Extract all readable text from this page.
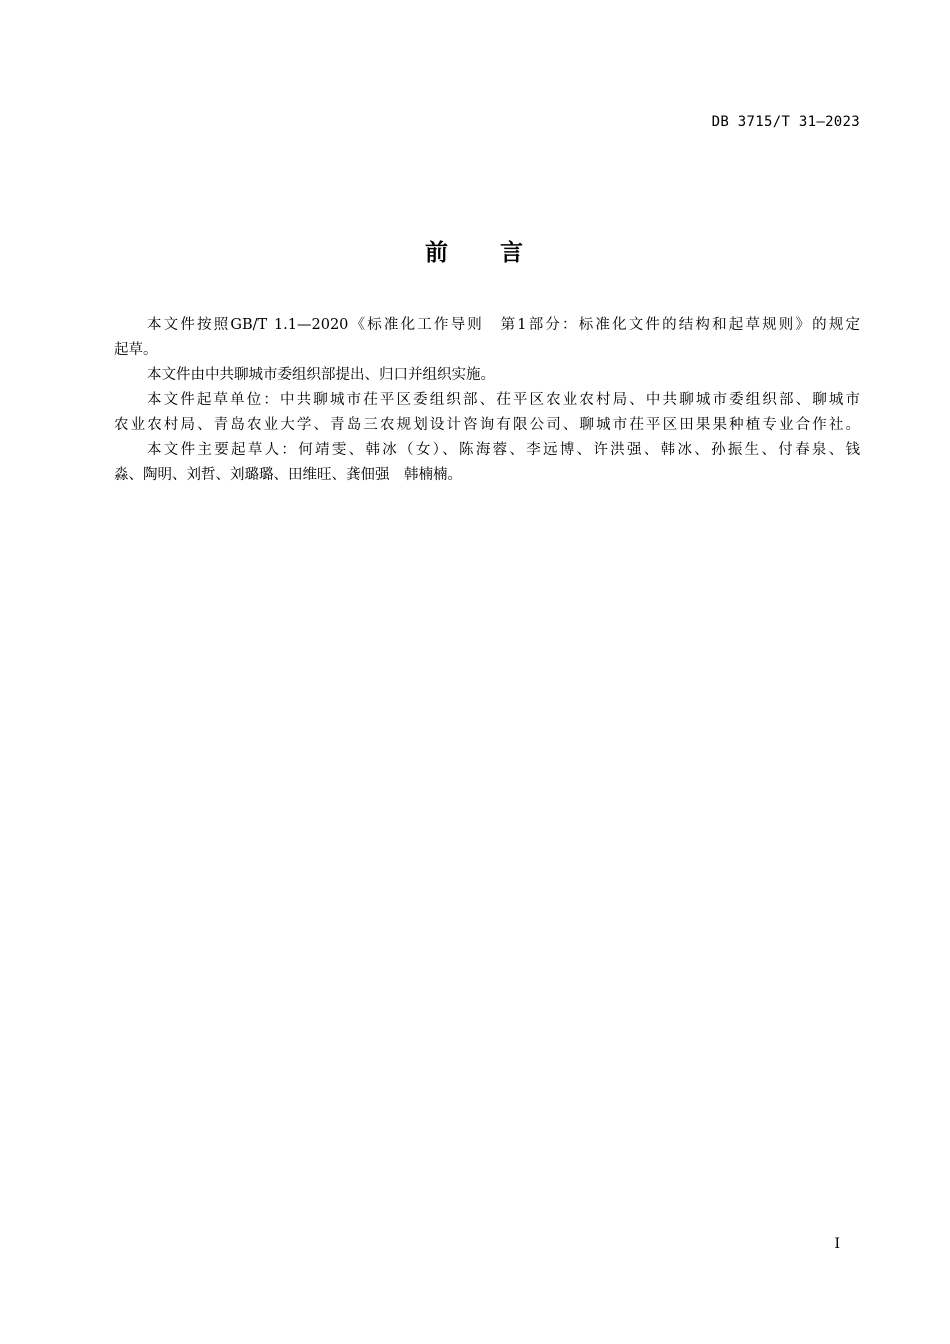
DB 3715/T 31—2023
前　　言
本文件按照GB/T 1.1—2020《标准化工作导则　第1部分：标准化文件的结构和起草规则》的规定
起草。
本文件由中共聊城市委组织部提出、归口并组织实施。
本文件起草单位：中共聊城市茌平区委组织部、茌平区农业农村局、中共聊城市委组织部、聊城市
农业农村局、青岛农业大学、青岛三农规划设计咨询有限公司、聊城市茌平区田果果种植专业合作社。
本文件主要起草人：何靖雯、韩冰（女）、陈海蓉、李远博、许洪强、韩冰、孙振生、付春泉、钱
淼、陶明、刘哲、刘璐璐、田维旺、龚佃强　韩楠楠。
I
